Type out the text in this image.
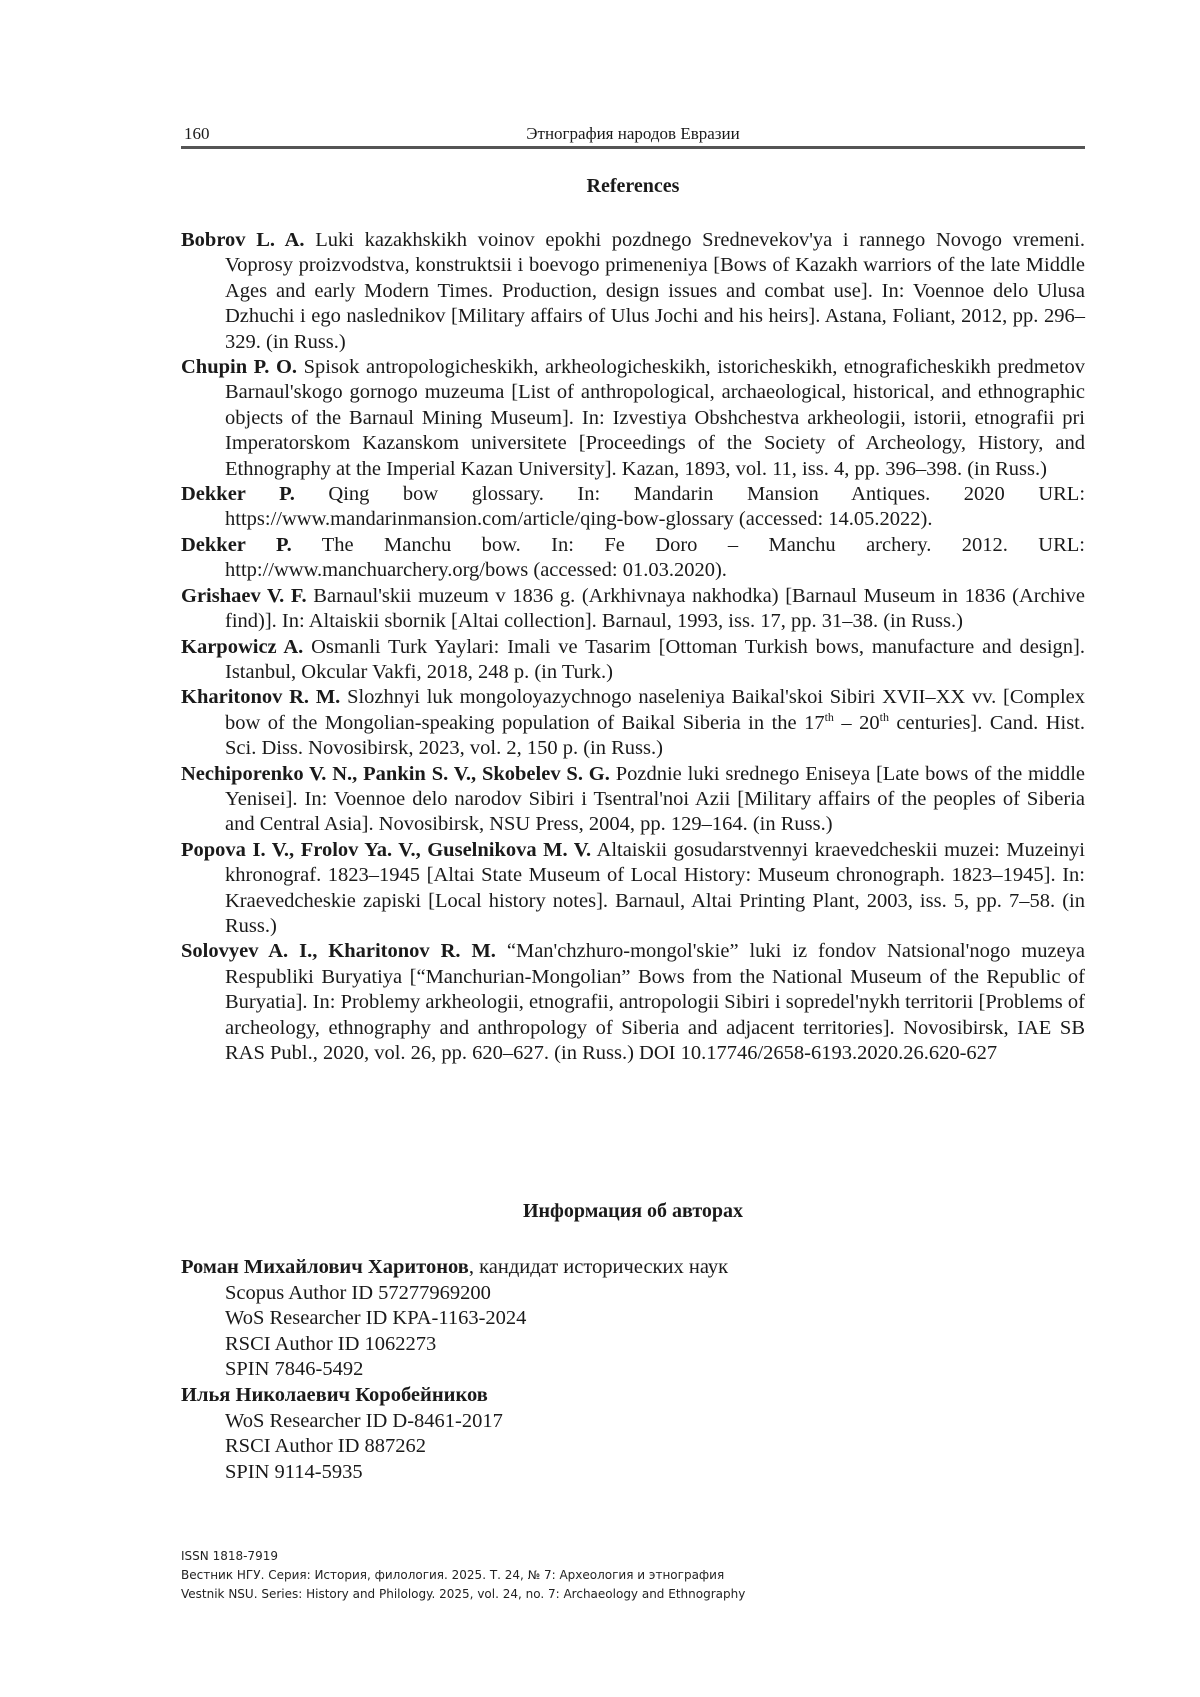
160	Этнография народов Евразии
References

Bobrov L. A. Luki kazakhskikh voinov epokhi pozdnego Srednevekov'ya i rannego Novogo vremeni. Voprosy proizvodstva, konstruktsii i boevogo primeneniya [Bows of Kazakh warriors of the late Middle Ages and early Modern Times. Production, design issues and combat use]. In: Voennoe delo Ulusa Dzhuchi i ego naslednikov [Military affairs of Ulus Jochi and his heirs]. Astana, Foliant, 2012, pp. 296–329. (in Russ.)

Chupin P. O. Spisok antropologicheskikh, arkheologicheskikh, istoricheskikh, etnograficheskikh predmetov Barnaul'skogo gornogo muzeuma [List of anthropological, archaeological, historical, and ethnographic objects of the Barnaul Mining Museum]. In: Izvestiya Obshchestva arkheologii, istorii, etnografii pri Imperatorskom Kazanskom universitete [Proceedings of the Society of Archeology, History, and Ethnography at the Imperial Kazan University]. Kazan, 1893, vol. 11, iss. 4, pp. 396–398. (in Russ.)

Dekker P. Qing bow glossary. In: Mandarin Mansion Antiques. 2020 URL: https://www.mandarinmansion.com/article/qing-bow-glossary (accessed: 14.05.2022).

Dekker P. The Manchu bow. In: Fe Doro – Manchu archery. 2012. URL: http://www.manchuarchery.org/bows (accessed: 01.03.2020).

Grishaev V. F. Barnaul'skii muzeum v 1836 g. (Arkhivnaya nakhodka) [Barnaul Museum in 1836 (Archive find)]. In: Altaiskii sbornik [Altai collection]. Barnaul, 1993, iss. 17, pp. 31–38. (in Russ.)

Karpowicz A. Osmanli Turk Yaylari: Imali ve Tasarim [Ottoman Turkish bows, manufacture and design]. Istanbul, Okcular Vakfi, 2018, 248 p. (in Turk.)

Kharitonov R. M. Slozhnyi luk mongoloyazychnogo naseleniya Baikal'skoi Sibiri XVII–XX vv. [Complex bow of the Mongolian-speaking population of Baikal Siberia in the 17th – 20th centuries]. Cand. Hist. Sci. Diss. Novosibirsk, 2023, vol. 2, 150 p. (in Russ.)

Nechiporenko V. N., Pankin S. V., Skobelev S. G. Pozdnie luki srednego Eniseya [Late bows of the middle Yenisei]. In: Voennoe delo narodov Sibiri i Tsentral'noi Azii [Military affairs of the peoples of Siberia and Central Asia]. Novosibirsk, NSU Press, 2004, pp. 129–164. (in Russ.)

Popova I. V., Frolov Ya. V., Guselnikova M. V. Altaiskii gosudarstvennyi kraevedcheskii muzei: Muzeinyi khronograf. 1823–1945 [Altai State Museum of Local History: Museum chronograph. 1823–1945]. In: Kraevedcheskie zapiski [Local history notes]. Barnaul, Altai Printing Plant, 2003, iss. 5, pp. 7–58. (in Russ.)

Solovyev A. I., Kharitonov R. M. “Man'chzhuro-mongol'skie” luki iz fondov Natsional'nogo muzeya Respubliki Buryatiya [“Manchurian-Mongolian” Bows from the National Museum of the Republic of Buryatia]. In: Problemy arkheologii, etnografii, antropologii Sibiri i sopredel'nykh territorii [Problems of archeology, ethnography and anthropology of Siberia and adjacent territories]. Novosibirsk, IAE SB RAS Publ., 2020, vol. 26, pp. 620–627. (in Russ.) DOI 10.17746/2658-6193.2020.26.620-627

Информация об авторах

Роман Михайлович Харитонов, кандидат исторических наук

Scopus Author ID 57277969200

WoS Researcher ID KPA-1163-2024

RSCI Author ID 1062273

SPIN 7846-5492

Илья Николаевич Коробейников

WoS Researcher ID D-8461-2017

RSCI Author ID 887262

SPIN 9114-5935

ISSN 1818-7919
Вестник НГУ. Серия: История, филология. 2025. Т. 24, № 7: Археология и этнография
Vestnik NSU. Series: History and Philology. 2025, vol. 24, no. 7: Archaeology and Ethnography
